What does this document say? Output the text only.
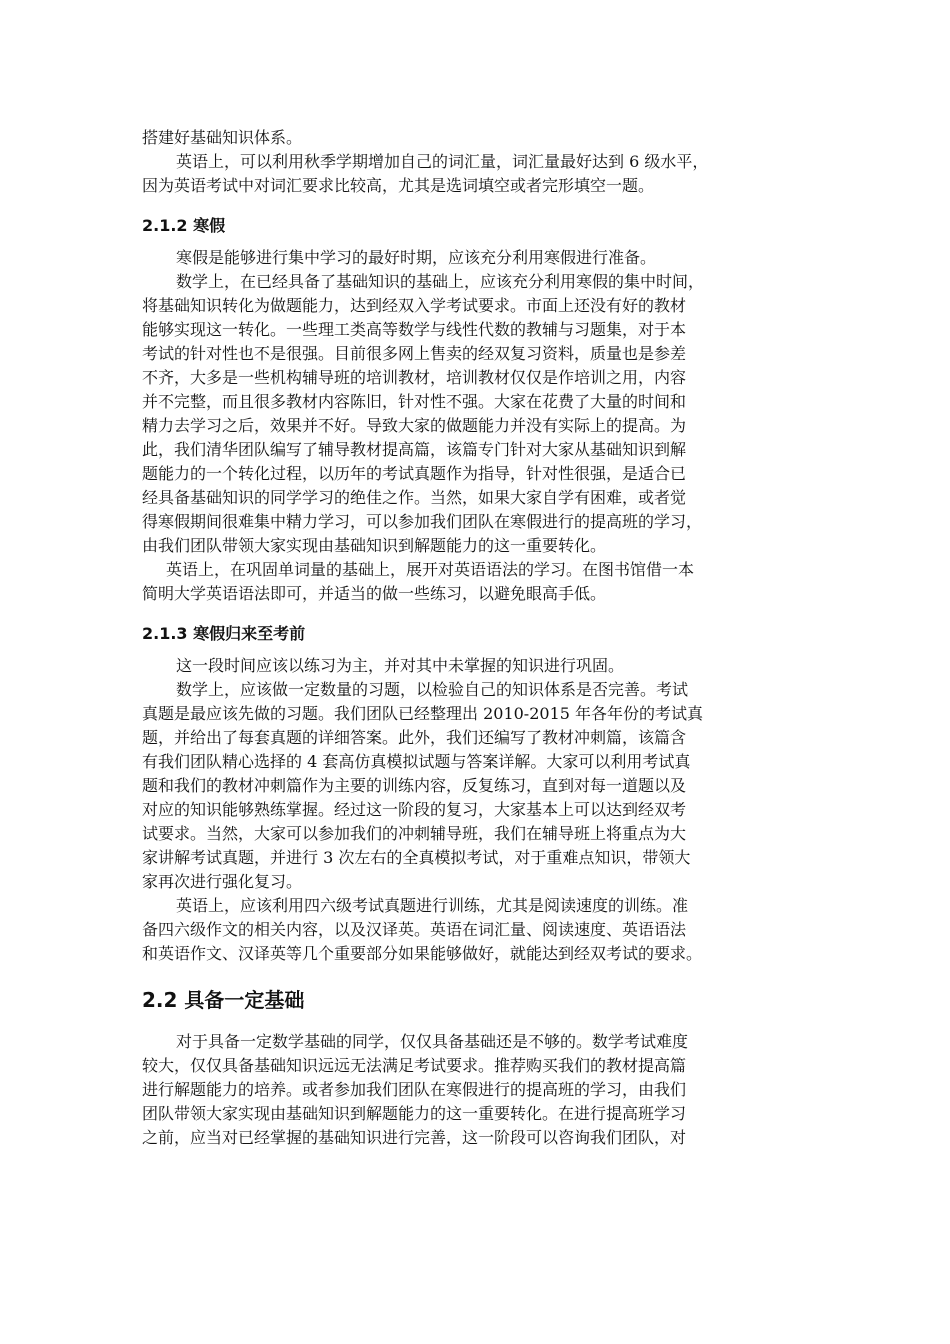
搭建好基础知识体系。
英语上，可以利用秋季学期增加自己的词汇量，词汇量最好达到 6 级水平，
因为英语考试中对词汇要求比较高，尤其是选词填空或者完形填空一题。
2.1.2 寒假
寒假是能够进行集中学习的最好时期，应该充分利用寒假进行准备。
数学上，在已经具备了基础知识的基础上，应该充分利用寒假的集中时间，
将基础知识转化为做题能力，达到经双入学考试要求。市面上还没有好的教材
能够实现这一转化。一些理工类高等数学与线性代数的教辅与习题集，对于本
考试的针对性也不是很强。目前很多网上售卖的经双复习资料，质量也是参差
不齐，大多是一些机构辅导班的培训教材，培训教材仅仅是作培训之用，内容
并不完整，而且很多教材内容陈旧，针对性不强。大家在花费了大量的时间和
精力去学习之后，效果并不好。导致大家的做题能力并没有实际上的提高。为
此，我们清华团队编写了辅导教材提高篇，该篇专门针对大家从基础知识到解
题能力的一个转化过程，以历年的考试真题作为指导，针对性很强，是适合已
经具备基础知识的同学学习的绝佳之作。当然，如果大家自学有困难，或者觉
得寒假期间很难集中精力学习，可以参加我们团队在寒假进行的提高班的学习，
由我们团队带领大家实现由基础知识到解题能力的这一重要转化。
英语上，在巩固单词量的基础上，展开对英语语法的学习。在图书馆借一本
简明大学英语语法即可，并适当的做一些练习，以避免眼高手低。
2.1.3 寒假归来至考前
这一段时间应该以练习为主，并对其中未掌握的知识进行巩固。
数学上，应该做一定数量的习题，以检验自己的知识体系是否完善。考试
真题是最应该先做的习题。我们团队已经整理出 2010-2015 年各年份的考试真
题，并给出了每套真题的详细答案。此外，我们还编写了教材冲刺篇，该篇含
有我们团队精心选择的 4 套高仿真模拟试题与答案详解。大家可以利用考试真
题和我们的教材冲刺篇作为主要的训练内容，反复练习，直到对每一道题以及
对应的知识能够熟练掌握。经过这一阶段的复习，大家基本上可以达到经双考
试要求。当然，大家可以参加我们的冲刺辅导班，我们在辅导班上将重点为大
家讲解考试真题，并进行 3 次左右的全真模拟考试，对于重难点知识，带领大
家再次进行强化复习。
英语上，应该利用四六级考试真题进行训练，尤其是阅读速度的训练。准
备四六级作文的相关内容，以及汉译英。英语在词汇量、阅读速度、英语语法
和英语作文、汉译英等几个重要部分如果能够做好，就能达到经双考试的要求。
2.2 具备一定基础
对于具备一定数学基础的同学，仅仅具备基础还是不够的。数学考试难度
较大，仅仅具备基础知识远远无法满足考试要求。推荐购买我们的教材提高篇
进行解题能力的培养。或者参加我们团队在寒假进行的提高班的学习，由我们
团队带领大家实现由基础知识到解题能力的这一重要转化。在进行提高班学习
之前，应当对已经掌握的基础知识进行完善，这一阶段可以咨询我们团队，对
